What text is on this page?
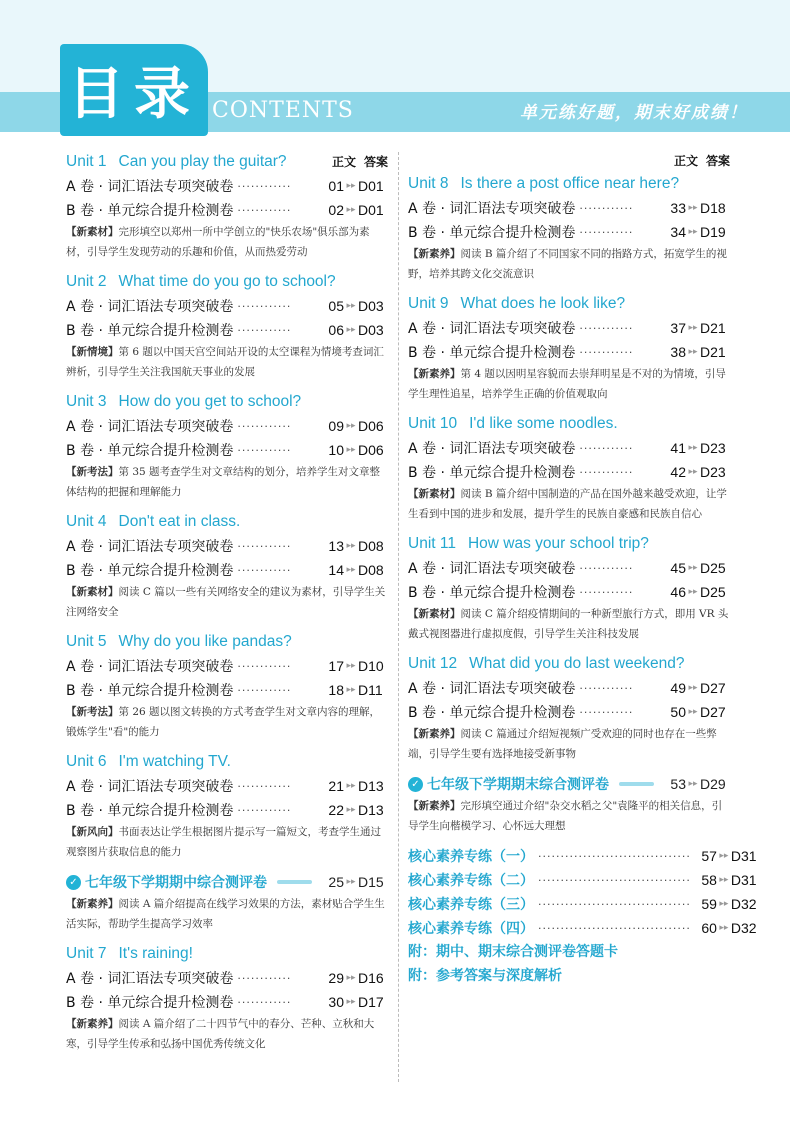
目录 CONTENTS	单元练好题，期末好成绩！
Unit 1 Can you play the guitar?	正文 答案
A 卷 · 词汇语法专项突破卷 ············	01 ▸▸ D01
B 卷 · 单元综合提升检测卷 ············	02 ▸▸ D01
【新素材】完形填空以郑州一所中学创立的"快乐农场"俱乐部为素材，引导学生发现劳动的乐趣和价值，从而热爱劳动
Unit 2 What time do you go to school?
A 卷 · 词汇语法专项突破卷 ············	05 ▸▸ D03
B 卷 · 单元综合提升检测卷 ············	06 ▸▸ D03
【新情境】第 6 题以中国天宫空间站开设的太空课程为情境考查词汇辨析，引导学生关注我国航天事业的发展
Unit 3 How do you get to school?
A 卷 · 词汇语法专项突破卷 ············	09 ▸▸ D06
B 卷 · 单元综合提升检测卷 ············	10 ▸▸ D06
【新考法】第 35 题考查学生对文章结构的划分，培养学生对文章整体结构的把握和理解能力
Unit 4 Don't eat in class.
A 卷 · 词汇语法专项突破卷 ············	13 ▸▸ D08
B 卷 · 单元综合提升检测卷 ············	14 ▸▸ D08
【新素材】阅读 C 篇以一些有关网络安全的建议为素材，引导学生关注网络安全
Unit 5 Why do you like pandas?
A 卷 · 词汇语法专项突破卷 ············	17 ▸▸ D10
B 卷 · 单元综合提升检测卷 ············	18 ▸▸ D11
【新考法】第 26 题以图文转换的方式考查学生对文章内容的理解，锻炼学生"看"的能力
Unit 6 I'm watching TV.
A 卷 · 词汇语法专项突破卷 ············	21 ▸▸ D13
B 卷 · 单元综合提升检测卷 ············	22 ▸▸ D13
【新风向】书面表达让学生根据图片提示写一篇短文，考查学生通过观察图片获取信息的能力
✓ 七年级下学期期中综合测评卷	25 ▸▸ D15
【新素养】阅读 A 篇介绍提高在线学习效果的方法，素材贴合学生生活实际，帮助学生提高学习效率
Unit 7 It's raining!
A 卷 · 词汇语法专项突破卷 ············	29 ▸▸ D16
B 卷 · 单元综合提升检测卷 ············	30 ▸▸ D17
【新素养】阅读 A 篇介绍了二十四节气中的春分、芒种、立秋和大寒，引导学生传承和弘扬中国优秀传统文化
正文 答案
Unit 8 Is there a post office near here?
A 卷 · 词汇语法专项突破卷 ············	33 ▸▸ D18
B 卷 · 单元综合提升检测卷 ············	34 ▸▸ D19
【新素养】阅读 B 篇介绍了不同国家不同的指路方式，拓宽学生的视野，培养其跨文化交流意识
Unit 9 What does he look like?
A 卷 · 词汇语法专项突破卷 ············	37 ▸▸ D21
B 卷 · 单元综合提升检测卷 ············	38 ▸▸ D21
【新素养】第 4 题以因明星容貌而去崇拜明星是不对的为情境，引导学生理性追星，培养学生正确的价值观取向
Unit 10 I'd like some noodles.
A 卷 · 词汇语法专项突破卷 ············	41 ▸▸ D23
B 卷 · 单元综合提升检测卷 ············	42 ▸▸ D23
【新素材】阅读 B 篇介绍中国制造的产品在国外越来越受欢迎，让学生看到中国的进步和发展，提升学生的民族自豪感和民族自信心
Unit 11 How was your school trip?
A 卷 · 词汇语法专项突破卷 ············	45 ▸▸ D25
B 卷 · 单元综合提升检测卷 ············	46 ▸▸ D25
【新素材】阅读 C 篇介绍疫情期间的一种新型旅行方式，即用 VR 头戴式视图器进行虚拟度假，引导学生关注科技发展
Unit 12 What did you do last weekend?
A 卷 · 词汇语法专项突破卷 ············	49 ▸▸ D27
B 卷 · 单元综合提升检测卷 ············	50 ▸▸ D27
【新素养】阅读 C 篇通过介绍短视频广受欢迎的同时也存在一些弊端，引导学生要有选择地接受新事物
✓ 七年级下学期期末综合测评卷	53 ▸▸ D29
【新素养】完形填空通过介绍"杂交水稻之父"袁隆平的相关信息，引导学生向楷模学习、心怀远大理想
核心素养专练（一） ·································· 57 ▸▸ D31
核心素养专练（二） ·································· 58 ▸▸ D31
核心素养专练（三） ·································· 59 ▸▸ D32
核心素养专练（四） ·································· 60 ▸▸ D32
附：期中、期末综合测评卷答题卡
附：参考答案与深度解析
